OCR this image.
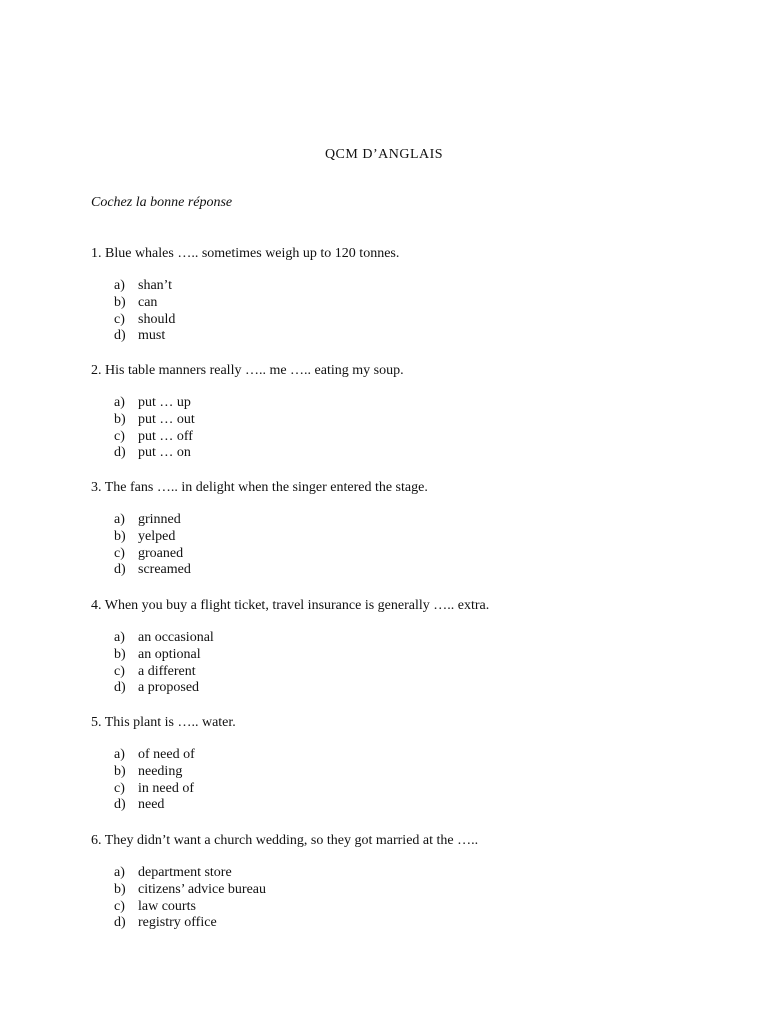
QCM D’ANGLAIS
Cochez la bonne réponse
1. Blue whales ….. sometimes weigh up to 120 tonnes.
a) shan’t
b) can
c) should
d) must
2. His table manners really ….. me ….. eating my soup.
a) put … up
b) put … out
c) put … off
d) put … on
3. The fans ….. in delight when the singer entered the stage.
a) grinned
b) yelped
c) groaned
d) screamed
4. When you buy a flight ticket, travel insurance is generally ….. extra.
a) an occasional
b) an optional
c) a different
d) a proposed
5. This plant is ….. water.
a) of need of
b) needing
c) in need of
d) need
6. They didn’t want a church wedding, so they got married at the …..
a) department store
b) citizens’ advice bureau
c) law courts
d) registry office
